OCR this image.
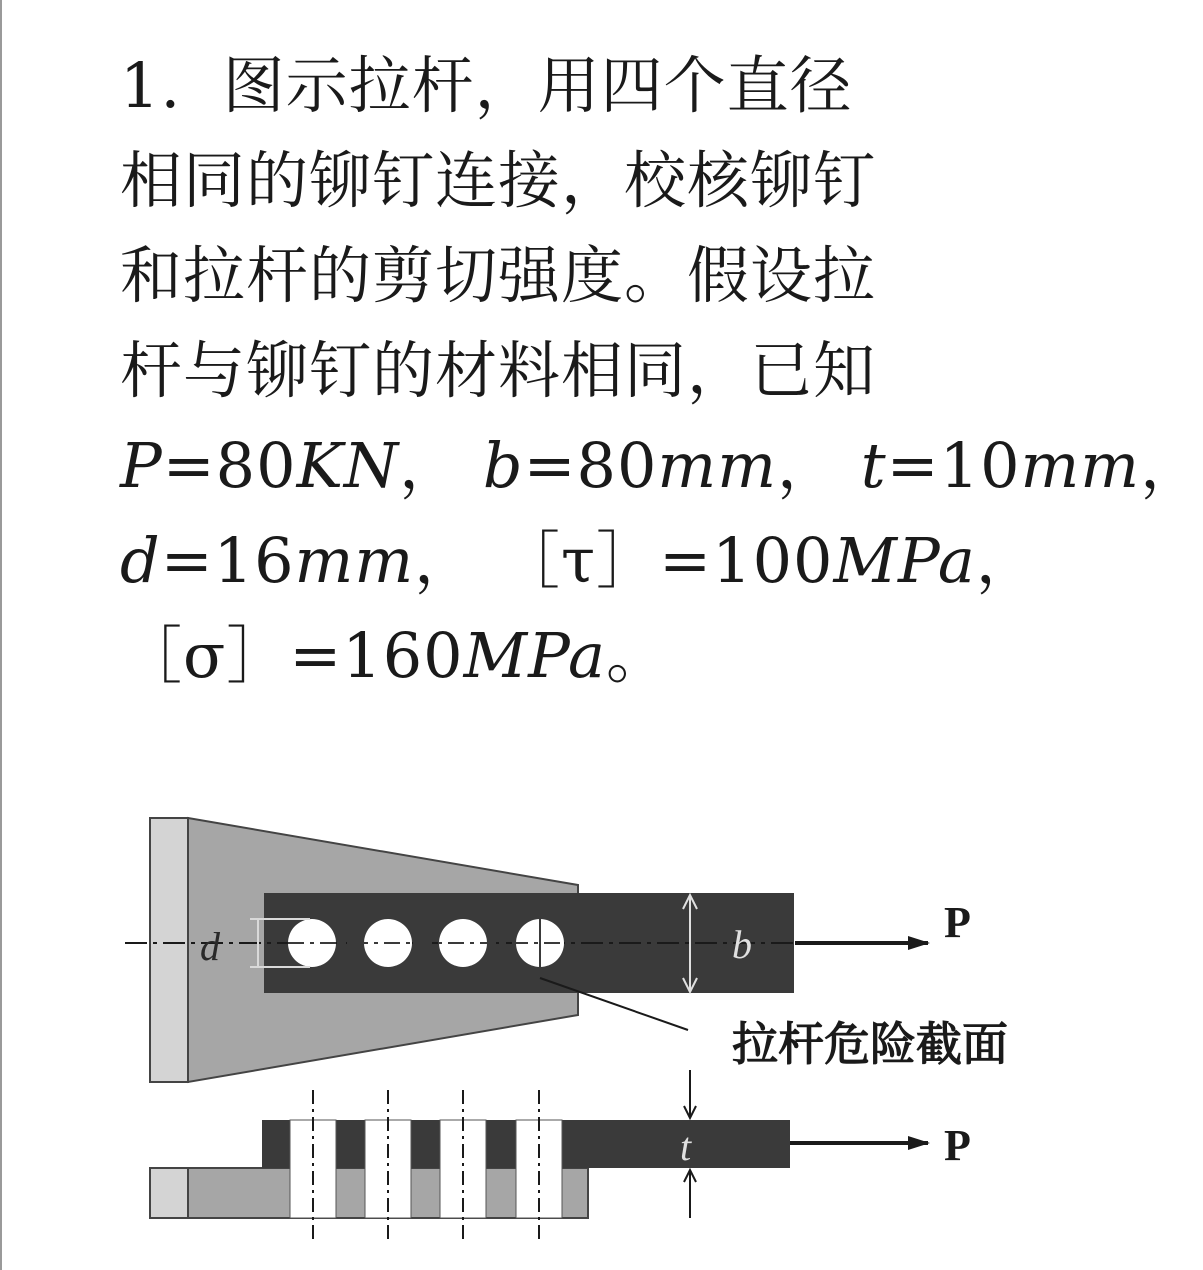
1. 图示拉杆，用四个直径
相同的铆钉连接，校核铆钉
和拉杆的剪切强度。假设拉
杆与铆钉的材料相同，已知
P=80KN， b=80mm， t=10mm，
d=16mm， ［τ］=100MPa，
［σ］=160MPa。
d	b	P
拉杆危险截面
t	P
